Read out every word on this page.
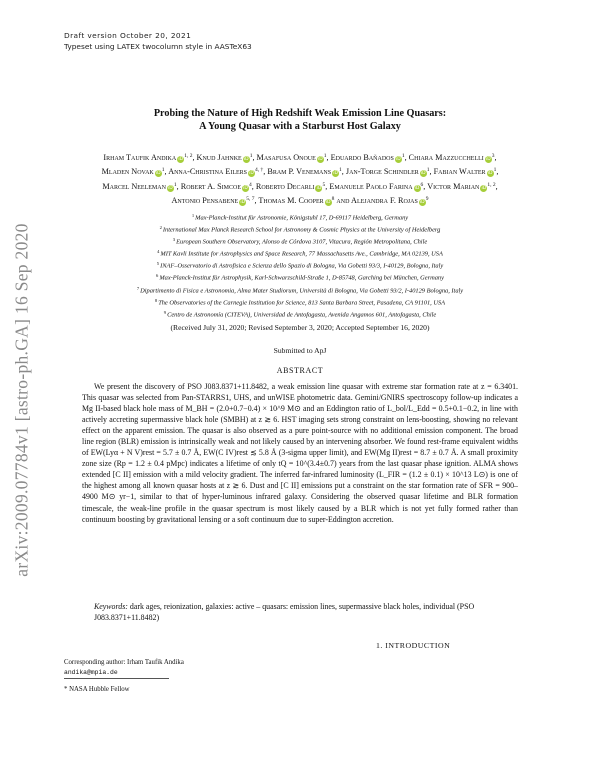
arXiv:2009.07784v1 [astro-ph.GA] 16 Sep 2020
Draft version October 20, 2021
Typeset using LATEX twocolumn style in AASTeX63
Probing the Nature of High Redshift Weak Emission Line Quasars:
A Young Quasar with a Starburst Host Galaxy
Irham Taufik Andika iD$^{1, 2}$, Knud Jahnke $iD^1$, Masafusa Onoue $iD^1$, Eduardo Bañados $iD^1$, Chiara Mazzucchelli $iD^3$, Mladen Novak $iD^1$, Anna-Christina Eilers $iD^{4, \dagger}$, Bram P. Venemans $iD^1$, Jan-Torge Schindler $iD^1$, Fabian Walter $iD^1$, Marcel Neeleman $iD^1$, Robert A. Simcoe $iD^4$, Roberto Decarli $iD^5$, Emanuele Paolo Farina $iD^6$, Victor Marian iD$^{1, 2}$, Antonio Pensabene iD$^{5, 7}$, Thomas M. Cooper $iD^8$ and Alejandra F. Rojas $iD^9$
$^1$Max-Planck-Institut für Astronomie, Königstuhl 17, D-69117 Heidelberg, Germany
$^2$International Max Planck Research School for Astronomy & Cosmic Physics at the University of Heidelberg
$^3$European Southern Observatory, Alonso de Córdova 3107, Vitacura, Región Metropolitana, Chile
$^4$MIT Kavli Institute for Astrophysics and Space Research, 77 Massachusetts Ave., Cambridge, MA 02139, USA
$^5$INAF–Osservatorio di Astrofisica e Scienza dello Spazio di Bologna, Via Gobetti 93/3, I-40129, Bologna, Italy
$^6$Max-Planck-Institut für Astrophysik, Karl-Schwarzschild-Straße 1, D-85748, Garching bei München, Germany
$^7$Dipartimento di Fisica e Astronomia, Alma Mater Studiorum, Università di Bologna, Via Gobetti 93/2, I-40129 Bologna, Italy
$^8$The Observatories of the Carnegie Institution for Science, 813 Santa Barbara Street, Pasadena, CA 91101, USA
$^9$Centro de Astronomía (CITEVA), Universidad de Antofagasta, Avenida Angamos 601, Antofagasta, Chile
(Received July 31, 2020; Revised September 3, 2020; Accepted September 16, 2020)
Submitted to ApJ
ABSTRACT

We present the discovery of PSO J083.8371+11.8482, a weak emission line quasar with extreme star formation rate at z = 6.3401. This quasar was selected from Pan-STARRS1, UHS, and unWISE photometric data. Gemini/GNIRS spectroscopy follow-up indicates a Mg II-based black hole mass of M_BH = (2.0+0.7−0.4) × 10^9 M⊙ and an Eddington ratio of L_bol/L_Edd = 0.5+0.1−0.2, in line with actively accreting supermassive black hole (SMBH) at z ≳ 6. HST imaging sets strong constraint on lens-boosting, showing no relevant effect on the apparent emission. The quasar is also observed as a pure point-source with no additional emission component. The broad line region (BLR) emission is intrinsically weak and not likely caused by an intervening absorber. We found rest-frame equivalent widths of EW(Lyα + N V)rest = 5.7 ± 0.7 Å, EW(C IV)rest ≲ 5.8 Å (3-sigma upper limit), and EW(Mg II)rest = 8.7 ± 0.7 Å. A small proximity zone size (Rp = 1.2 ± 0.4 pMpc) indicates a lifetime of only tQ = 10^(3.4±0.7) years from the last quasar phase ignition. ALMA shows extended [C II] emission with a mild velocity gradient. The inferred far-infrared luminosity (L_FIR = (1.2 ± 0.1) × 10^13 L⊙) is one of the highest among all known quasar hosts at z ≳ 6. Dust and [C II] emissions put a constraint on the star formation rate of SFR = 900–4900 M⊙ yr−1, similar to that of hyper-luminous infrared galaxy. Considering the observed quasar lifetime and BLR formation timescale, the weak-line profile in the quasar spectrum is most likely caused by a BLR which is not yet fully formed rather than continuum boosting by gravitational lensing or a soft continuum due to super-Eddington accretion.

Keywords: dark ages, reionization, galaxies: active – quasars: emission lines, supermassive black holes, individual (PSO J083.8371+11.8482)
1. INTRODUCTION
Corresponding author: Irham Taufik Andika
andika@mpia.de
* NASA Hubble Fellow
